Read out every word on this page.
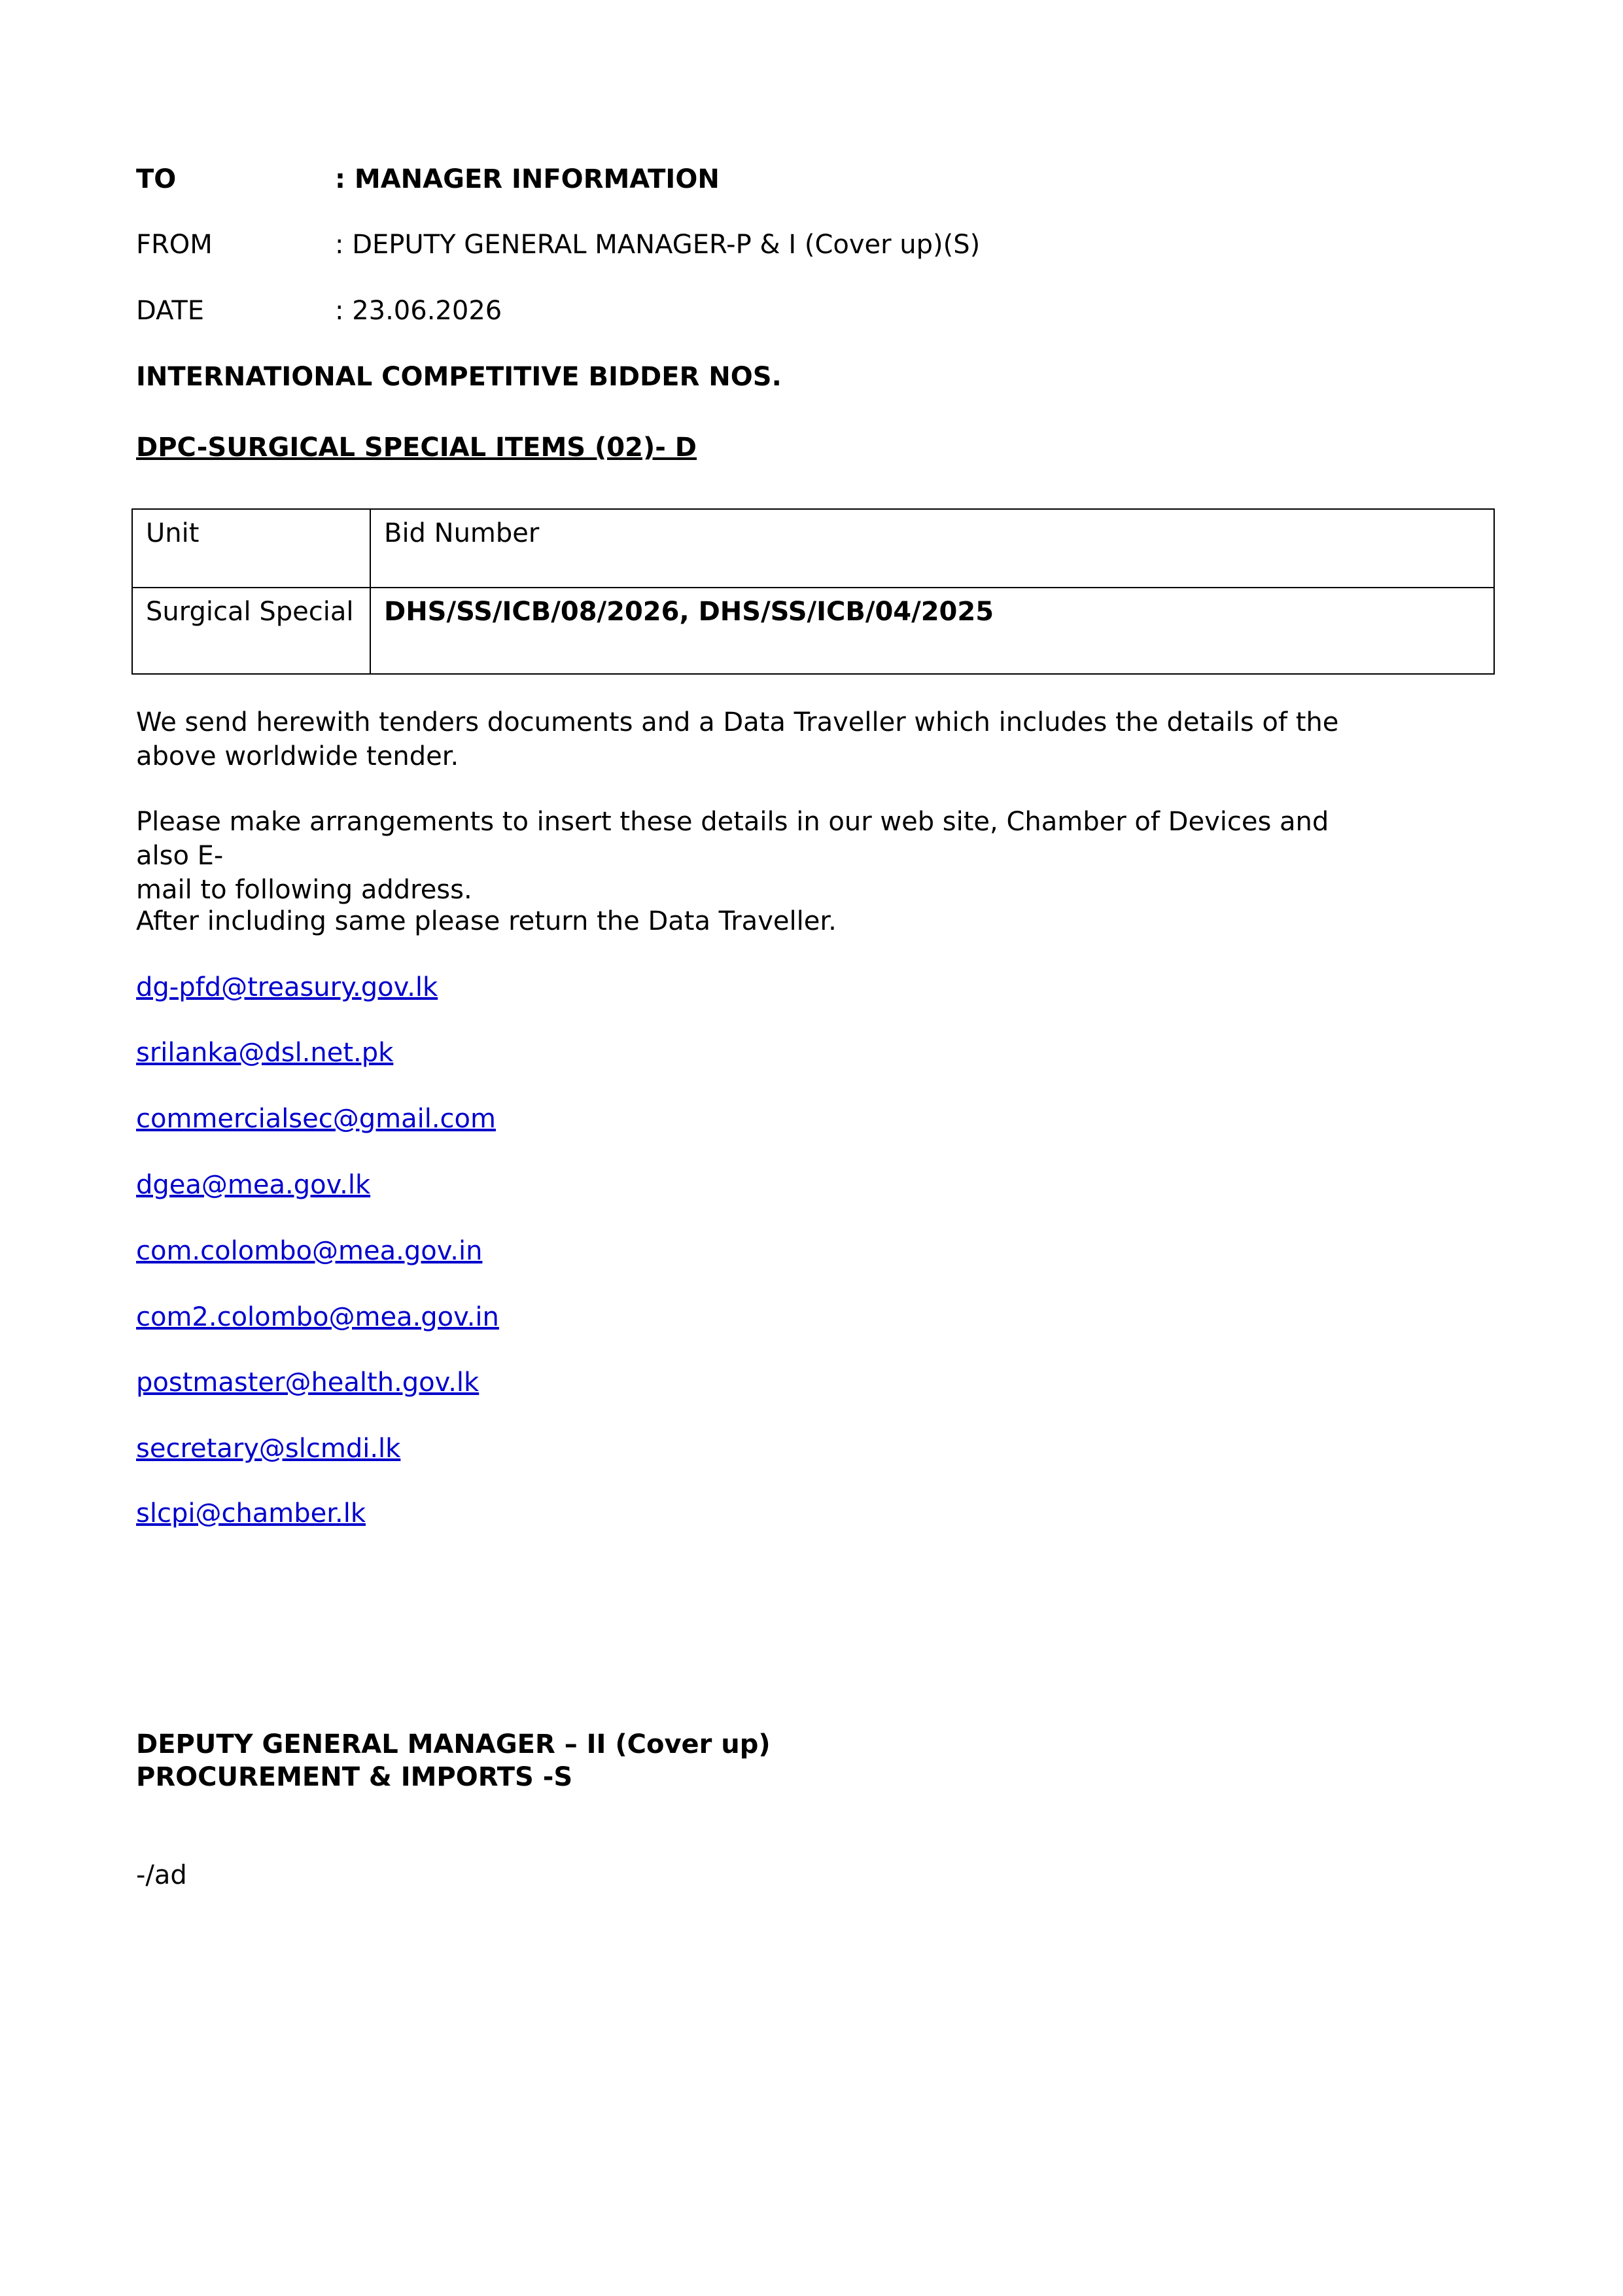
TO	: MANAGER INFORMATION
FROM	: DEPUTY GENERAL MANAGER-P & I (Cover up)(S)
DATE	: 23.06.2026
INTERNATIONAL COMPETITIVE BIDDER NOS.
DPC-SURGICAL SPECIAL ITEMS (02)- D
Unit	Bid Number
Surgical Special	DHS/SS/ICB/08/2026, DHS/SS/ICB/04/2025
We send herewith tenders documents and a Data Traveller which includes the details of the
above worldwide tender.
Please make arrangements to insert these details in our web site, Chamber of Devices and also E-
mail to following address.
After including same please return the Data Traveller.
dg-pfd@treasury.gov.lk
srilanka@dsl.net.pk
commercialsec@gmail.com
dgea@mea.gov.lk
com.colombo@mea.gov.in
com2.colombo@mea.gov.in
postmaster@health.gov.lk
secretary@slcmdi.lk
slcpi@chamber.lk
DEPUTY GENERAL MANAGER – II (Cover up)
PROCUREMENT & IMPORTS -S
-/ad
